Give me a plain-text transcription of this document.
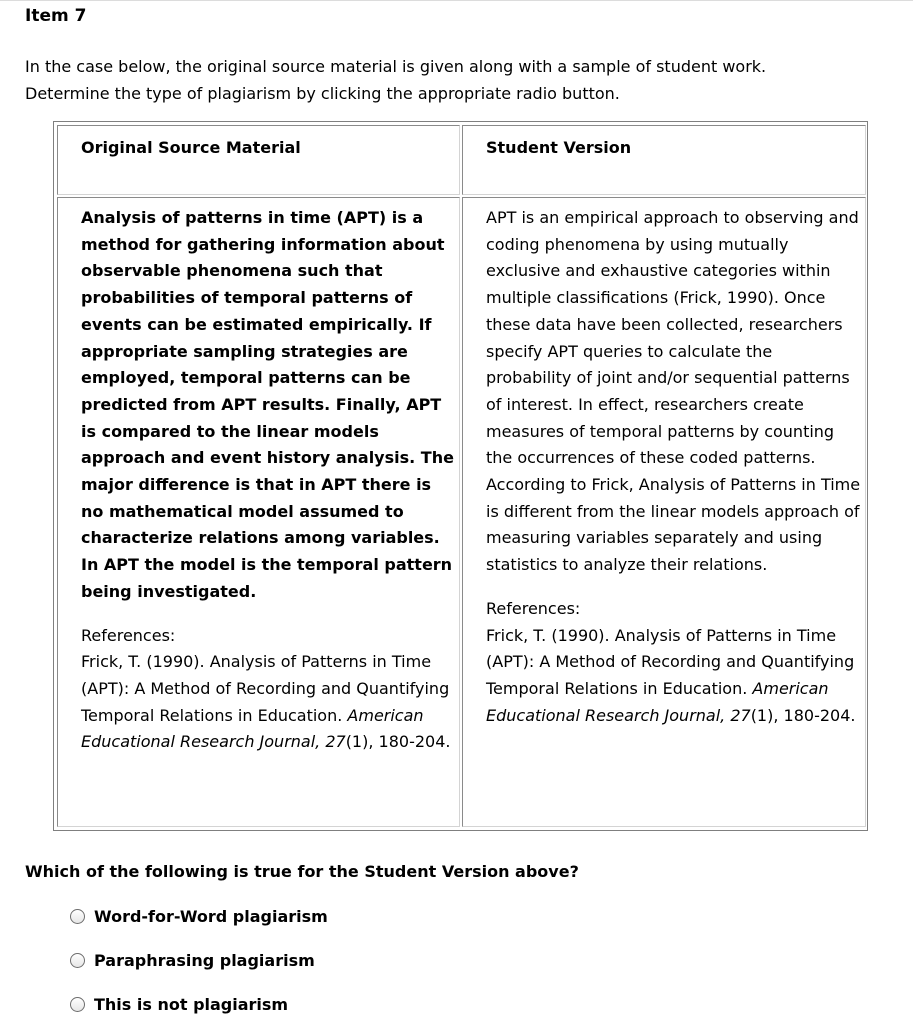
Item 7
In the case below, the original source material is given along with a sample of student work.
Determine the type of plagiarism by clicking the appropriate radio button.
Original Source Material	Student Version
Analysis of patterns in time (APT) is a method for gathering information about observable phenomena such that probabilities of temporal patterns of events can be estimated empirically. If appropriate sampling strategies are employed, temporal patterns can be predicted from APT results. Finally, APT is compared to the linear models approach and event history analysis. The major difference is that in APT there is no mathematical model assumed to characterize relations among variables. In APT the model is the temporal pattern being investigated.

References:

Frick, T. (1990). Analysis of Patterns in Time (APT): A Method of Recording and Quantifying Temporal Relations in Education. American Educational Research Journal, 27(1), 180-204.

APT is an empirical approach to observing and coding phenomena by using mutually exclusive and exhaustive categories within multiple classifications (Frick, 1990). Once these data have been collected, researchers specify APT queries to calculate the probability of joint and/or sequential patterns of interest. In effect, researchers create measures of temporal patterns by counting the occurrences of these coded patterns. According to Frick, Analysis of Patterns in Time is different from the linear models approach of measuring variables separately and using statistics to analyze their relations.

References:

Frick, T. (1990). Analysis of Patterns in Time (APT): A Method of Recording and Quantifying Temporal Relations in Education. American Educational Research Journal, 27(1), 180-204.

Which of the following is true for the Student Version above?
Word-for-Word plagiarism
Paraphrasing plagiarism
This is not plagiarism
